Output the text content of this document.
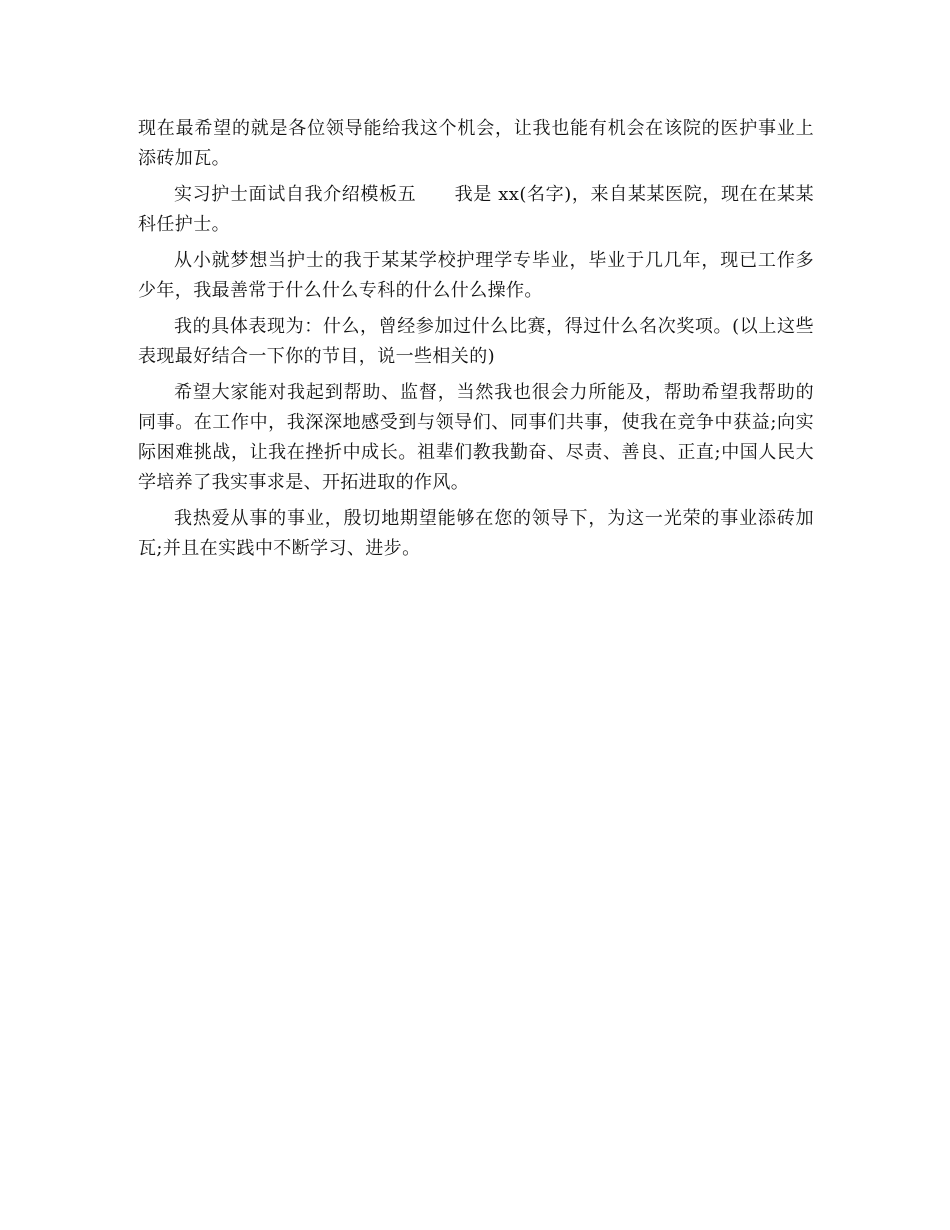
现在最希望的就是各位领导能给我这个机会，让我也能有机会在该院的医护事业上添砖加瓦。

实习护士面试自我介绍模板五 我是 xx(名字)，来自某某医院，现在在某某科任护士。

从小就梦想当护士的我于某某学校护理学专毕业，毕业于几几年，现已工作多少年，我最善常于什么什么专科的什么什么操作。

我的具体表现为：什么，曾经参加过什么比赛，得过什么名次奖项。(以上这些表现最好结合一下你的节目，说一些相关的)

希望大家能对我起到帮助、监督，当然我也很会力所能及，帮助希望我帮助的同事。在工作中，我深深地感受到与领导们、同事们共事，使我在竞争中获益;向实际困难挑战，让我在挫折中成长。祖辈们教我勤奋、尽责、善良、正直;中国人民大学培养了我实事求是、开拓进取的作风。

我热爱从事的事业，殷切地期望能够在您的领导下，为这一光荣的事业添砖加瓦;并且在实践中不断学习、进步。
